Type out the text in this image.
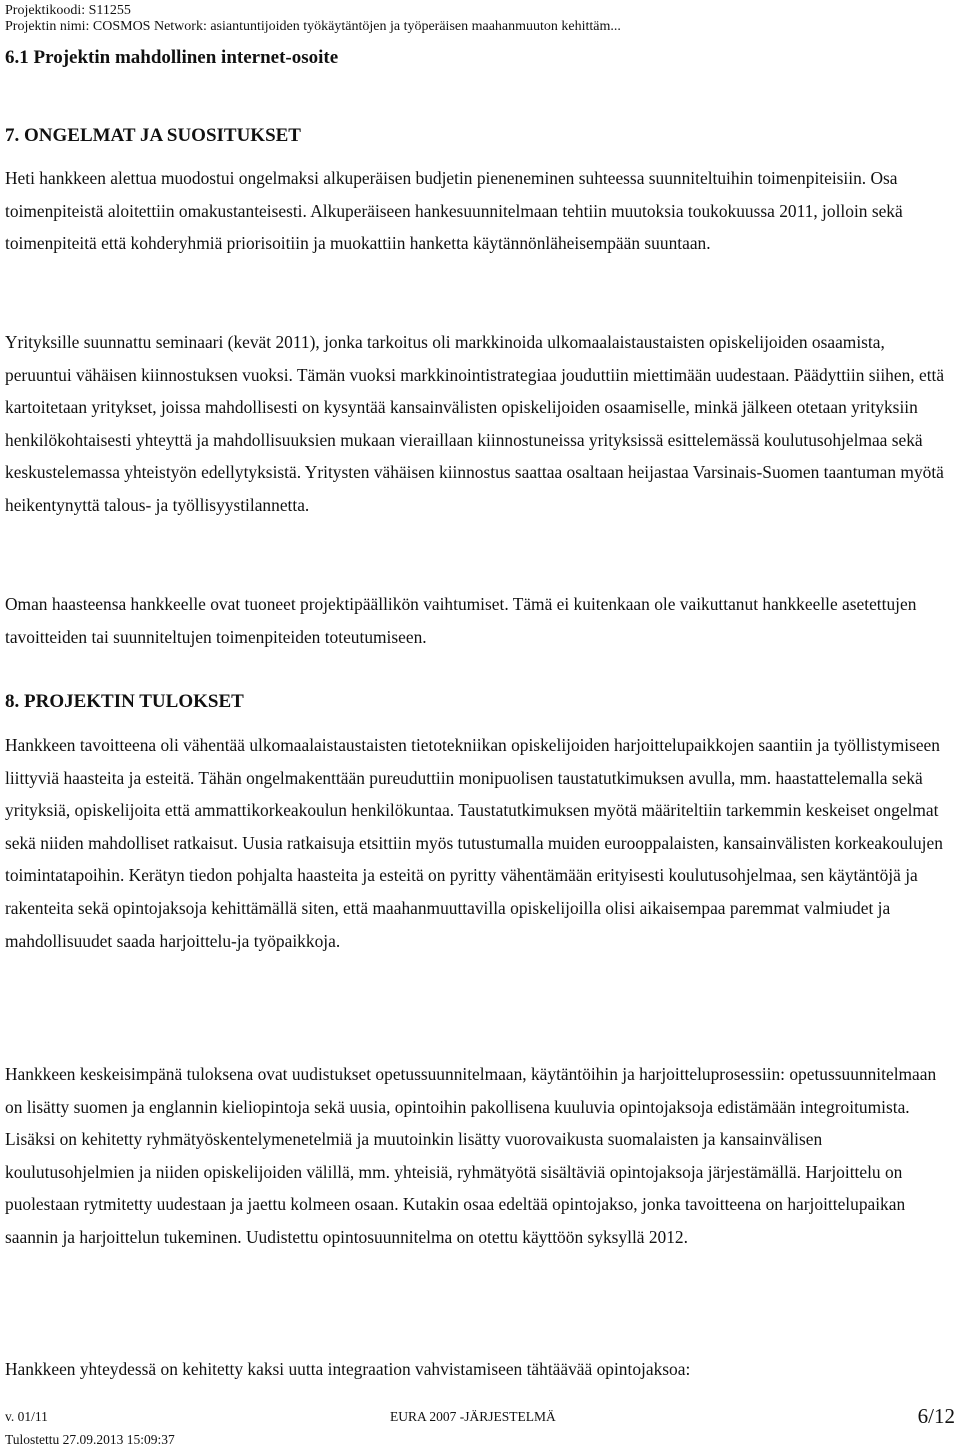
Projektikoodi: S11255
Projektin nimi: COSMOS Network: asiantuntijoiden työkäytäntöjen ja työperäisen maahanmuuton kehittäm...
6.1 Projektin mahdollinen internet-osoite
7. ONGELMAT JA SUOSITUKSET
Heti hankkeen alettua muodostui ongelmaksi alkuperäisen budjetin pieneneminen suhteessa suunniteltuihin toimenpiteisiin. Osa toimenpiteistä aloitettiin omakustanteisesti. Alkuperäiseen hankesuunnitelmaan tehtiin muutoksia toukokuussa 2011, jolloin sekä toimenpiteitä että kohderyhmiä priorisoitiin ja muokattiin hanketta käytännönläheisempään suuntaan.
Yrityksille suunnattu seminaari (kevät 2011), jonka tarkoitus oli markkinoida ulkomaalaistaustaisten opiskelijoiden osaamista, peruuntui vähäisen kiinnostuksen vuoksi. Tämän vuoksi markkinointistrategiaa jouduttiin miettimään uudestaan. Päädyttiin siihen, että kartoitetaan yritykset, joissa mahdollisesti on kysyntää kansainvälisten opiskelijoiden osaamiselle, minkä jälkeen otetaan yrityksiin henkilökohtaisesti yhteyttä ja mahdollisuuksien mukaan vieraillaan kiinnostuneissa yrityksissä esittelemässä koulutusohjelmaa sekä keskustelemassa yhteistyön edellytyksistä. Yritysten vähäisen kiinnostus saattaa osaltaan heijastaa Varsinais-Suomen taantuman myötä heikentynyttä talous- ja työllisyystilannetta.
Oman haasteensa hankkeelle ovat tuoneet projektipäällikön vaihtumiset. Tämä ei kuitenkaan ole vaikuttanut hankkeelle asetettujen tavoitteiden tai suunniteltujen toimenpiteiden toteutumiseen.
8. PROJEKTIN TULOKSET
Hankkeen tavoitteena oli vähentää ulkomaalaistaustaisten tietotekniikan opiskelijoiden harjoittelupaikkojen saantiin ja työllistymiseen liittyviä haasteita ja esteitä. Tähän ongelmakenttään pureuduttiin monipuolisen taustatutkimuksen avulla, mm. haastattelemalla sekä yrityksiä, opiskelijoita että ammattikorkeakoulun henkilökuntaa. Taustatutkimuksen myötä määriteltiin tarkemmin keskeiset ongelmat sekä niiden mahdolliset ratkaisut. Uusia ratkaisuja etsittiin myös tutustumalla muiden eurooppalaisten, kansainvälisten korkeakoulujen toimintatapoihin. Kerätyn tiedon pohjalta haasteita ja esteitä on pyritty vähentämään erityisesti koulutusohjelmaa, sen käytäntöjä ja rakenteita sekä opintojaksoja kehittämällä siten, että maahanmuuttavilla opiskelijoilla olisi aikaisempaa paremmat valmiudet ja mahdollisuudet saada harjoittelu-ja työpaikkoja.
Hankkeen keskeisimpänä tuloksena ovat uudistukset opetussuunnitelmaan, käytäntöihin ja harjoitteluprosessiin: opetussuunnitelmaan on lisätty suomen ja englannin kieliopintoja sekä uusia, opintoihin pakollisena kuuluvia opintojaksoja edistämään integroitumista. Lisäksi on kehitetty ryhmätyöskentelymenetelmiä ja muutoinkin lisätty vuorovaikusta suomalaisten ja kansainvälisen koulutusohjelmien ja niiden opiskelijoiden välillä, mm. yhteisiä, ryhmätyötä sisältäviä opintojaksoja järjestämällä. Harjoittelu on puolestaan rytmitetty uudestaan ja jaettu kolmeen osaan. Kutakin osaa edeltää opintojakso, jonka tavoitteena on harjoittelupaikan saannin ja harjoittelun tukeminen. Uudistettu opintosuunnitelma on otettu käyttöön syksyllä 2012.
Hankkeen yhteydessä on kehitetty kaksi uutta integraation vahvistamiseen tähtäävää opintojaksoa:
v. 01/11	EURA 2007 -JÄRJESTELMÄ	6/12
Tulostettu 27.09.2013 15:09:37
